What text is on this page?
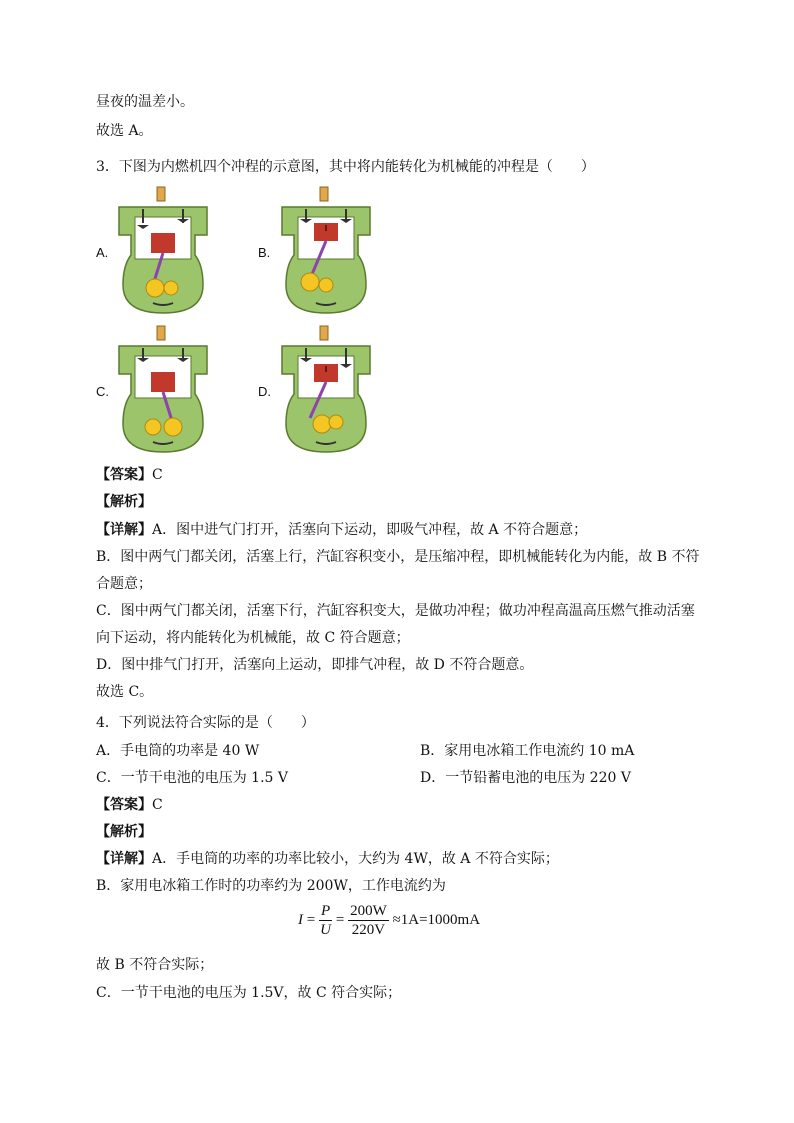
昼夜的温差小。
故选 A。
3．下图为内燃机四个冲程的示意图，其中将内能转化为机械能的冲程是（　　）
A.	B.
C.	D.
【答案】C
【解析】
【详解】A．图中进气门打开，活塞向下运动，即吸气冲程，故 A 不符合题意；
B．图中两气门都关闭，活塞上行，汽缸容积变小，是压缩冲程，即机械能转化为内能，故 B 不符
合题意；
C．图中两气门都关闭，活塞下行，汽缸容积变大，是做功冲程；做功冲程高温高压燃气推动活塞
向下运动，将内能转化为机械能，故 C 符合题意；
D．图中排气门打开，活塞向上运动，即排气冲程，故 D 不符合题意。
故选 C。
4．下列说法符合实际的是（　　）
A．手电筒的功率是 40 W	B．家用电冰箱工作电流约 10 mA
C．一节干电池的电压为 1.5 V	D．一节铅蓄电池的电压为 220 V
【答案】C
【解析】
【详解】A．手电筒的功率的功率比较小，大约为 4W，故 A 不符合实际；
B．家用电冰箱工作时的功率约为 200W，工作电流约为
$I = \frac{P}{U} = \frac{200W}{220V} \approx 1A=1000mA$
故 B 不符合实际；
C．一节干电池的电压为 1.5V，故 C 符合实际；
